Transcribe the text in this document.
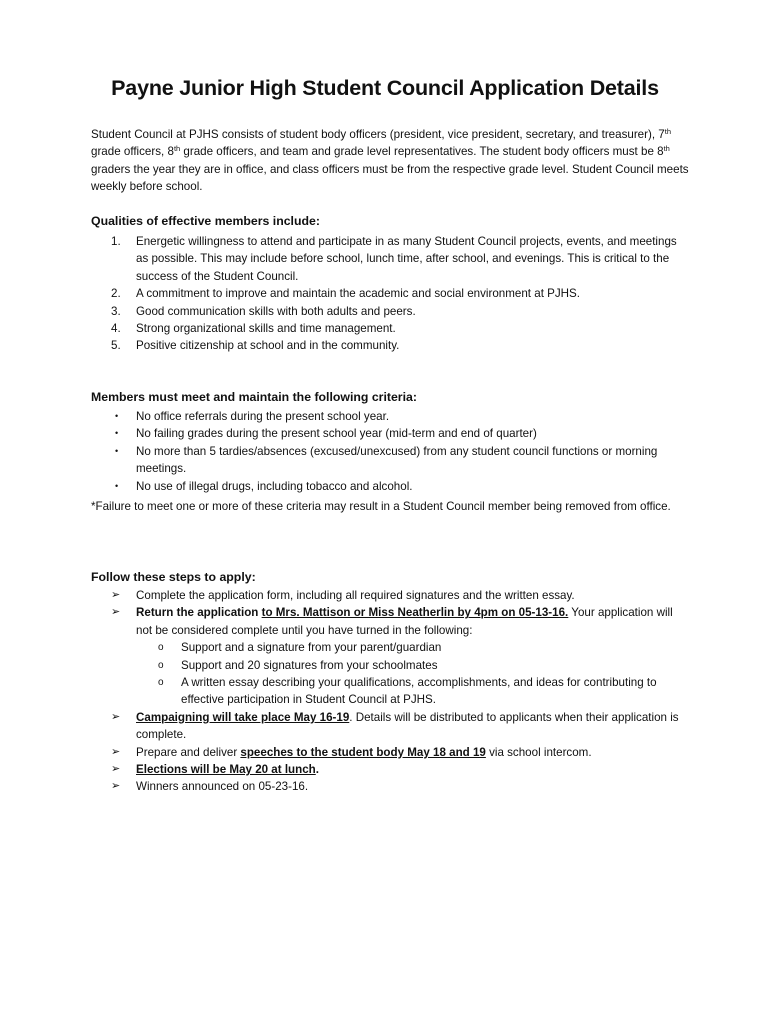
Payne Junior High Student Council Application Details

Student Council at PJHS consists of student body officers (president, vice president, secretary, and treasurer), 7th grade officers, 8th grade officers, and team and grade level representatives. The student body officers must be 8th graders the year they are in office, and class officers must be from the respective grade level. Student Council meets weekly before school.

Qualities of effective members include:

1.	Energetic willingness to attend and participate in as many Student Council projects, events, and meetings as possible. This may include before school, lunch time, after school, and evenings. This is critical to the success of the Student Council.
2.	A commitment to improve and maintain the academic and social environment at PJHS.
3.	Good communication skills with both adults and peers.
4.	Strong organizational skills and time management.
5.	Positive citizenship at school and in the community.

Members must meet and maintain the following criteria:

•	No office referrals during the present school year.
•	No failing grades during the present school year (mid-term and end of quarter)
•	No more than 5 tardies/absences (excused/unexcused) from any student council functions or morning meetings.
•	No use of illegal drugs, including tobacco and alcohol.

*Failure to meet one or more of these criteria may result in a Student Council member being removed from office.

Follow these steps to apply:

➢	Complete the application form, including all required signatures and the written essay.
➢	Return the application to Mrs. Mattison or Miss Neatherlin by 4pm on 05-13-16. Your application will not be considered complete until you have turned in the following:
o	Support and a signature from your parent/guardian
o	Support and 20 signatures from your schoolmates
o	A written essay describing your qualifications, accomplishments, and ideas for contributing to effective participation in Student Council at PJHS.
➢	Campaigning will take place May 16-19. Details will be distributed to applicants when their application is complete.
➢	Prepare and deliver speeches to the student body May 18 and 19 via school intercom.
➢	Elections will be May 20 at lunch.
➢	Winners announced on 05-23-16.
